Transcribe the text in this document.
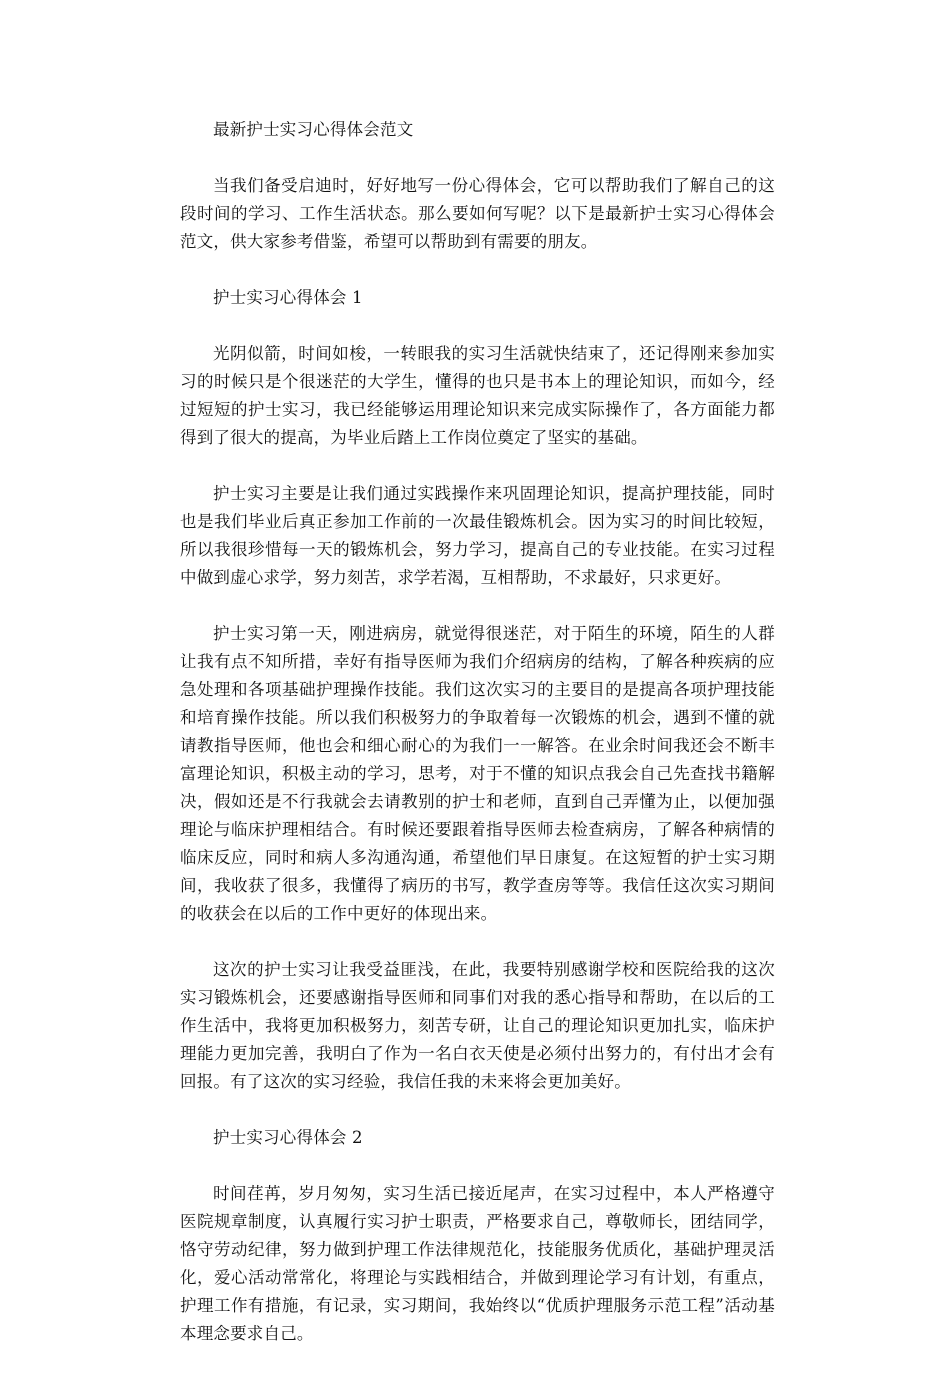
最新护士实习心得体会范文

当我们备受启迪时，好好地写一份心得体会，它可以帮助我们了解自己的这段时间的学习、工作生活状态。那么要如何写呢？以下是最新护士实习心得体会范文，供大家参考借鉴，希望可以帮助到有需要的朋友。

护士实习心得体会 1

光阴似箭，时间如梭，一转眼我的实习生活就快结束了，还记得刚来参加实习的时候只是个很迷茫的大学生，懂得的也只是书本上的理论知识，而如今，经过短短的护士实习，我已经能够运用理论知识来完成实际操作了，各方面能力都得到了很大的提高，为毕业后踏上工作岗位奠定了坚实的基础。

护士实习主要是让我们通过实践操作来巩固理论知识，提高护理技能，同时也是我们毕业后真正参加工作前的一次最佳锻炼机会。因为实习的时间比较短，所以我很珍惜每一天的锻炼机会，努力学习，提高自己的专业技能。在实习过程中做到虚心求学，努力刻苦，求学若渴，互相帮助，不求最好，只求更好。

护士实习第一天，刚进病房，就觉得很迷茫，对于陌生的环境，陌生的人群让我有点不知所措，幸好有指导医师为我们介绍病房的结构，了解各种疾病的应急处理和各项基础护理操作技能。我们这次实习的主要目的是提高各项护理技能和培育操作技能。所以我们积极努力的争取着每一次锻炼的机会，遇到不懂的就请教指导医师，他也会和细心耐心的为我们一一解答。在业余时间我还会不断丰富理论知识，积极主动的学习，思考，对于不懂的知识点我会自己先查找书籍解决，假如还是不行我就会去请教别的护士和老师，直到自己弄懂为止，以便加强理论与临床护理相结合。有时候还要跟着指导医师去检查病房，了解各种病情的临床反应，同时和病人多沟通沟通，希望他们早日康复。在这短暂的护士实习期间，我收获了很多，我懂得了病历的书写，教学查房等等。我信任这次实习期间的收获会在以后的工作中更好的体现出来。

这次的护士实习让我受益匪浅，在此，我要特别感谢学校和医院给我的这次实习锻炼机会，还要感谢指导医师和同事们对我的悉心指导和帮助，在以后的工作生活中，我将更加积极努力，刻苦专研，让自己的理论知识更加扎实，临床护理能力更加完善，我明白了作为一名白衣天使是必须付出努力的，有付出才会有回报。有了这次的实习经验，我信任我的未来将会更加美好。

护士实习心得体会 2

时间荏苒，岁月匆匆，实习生活已接近尾声，在实习过程中，本人严格遵守医院规章制度，认真履行实习护士职责，严格要求自己，尊敬师长，团结同学，恪守劳动纪律，努力做到护理工作法律规范化，技能服务优质化，基础护理灵活化，爱心活动常常化，将理论与实践相结合，并做到理论学习有计划，有重点，护理工作有措施，有记录，实习期间，我始终以“优质护理服务示范工程”活动基本理念要求自己。
